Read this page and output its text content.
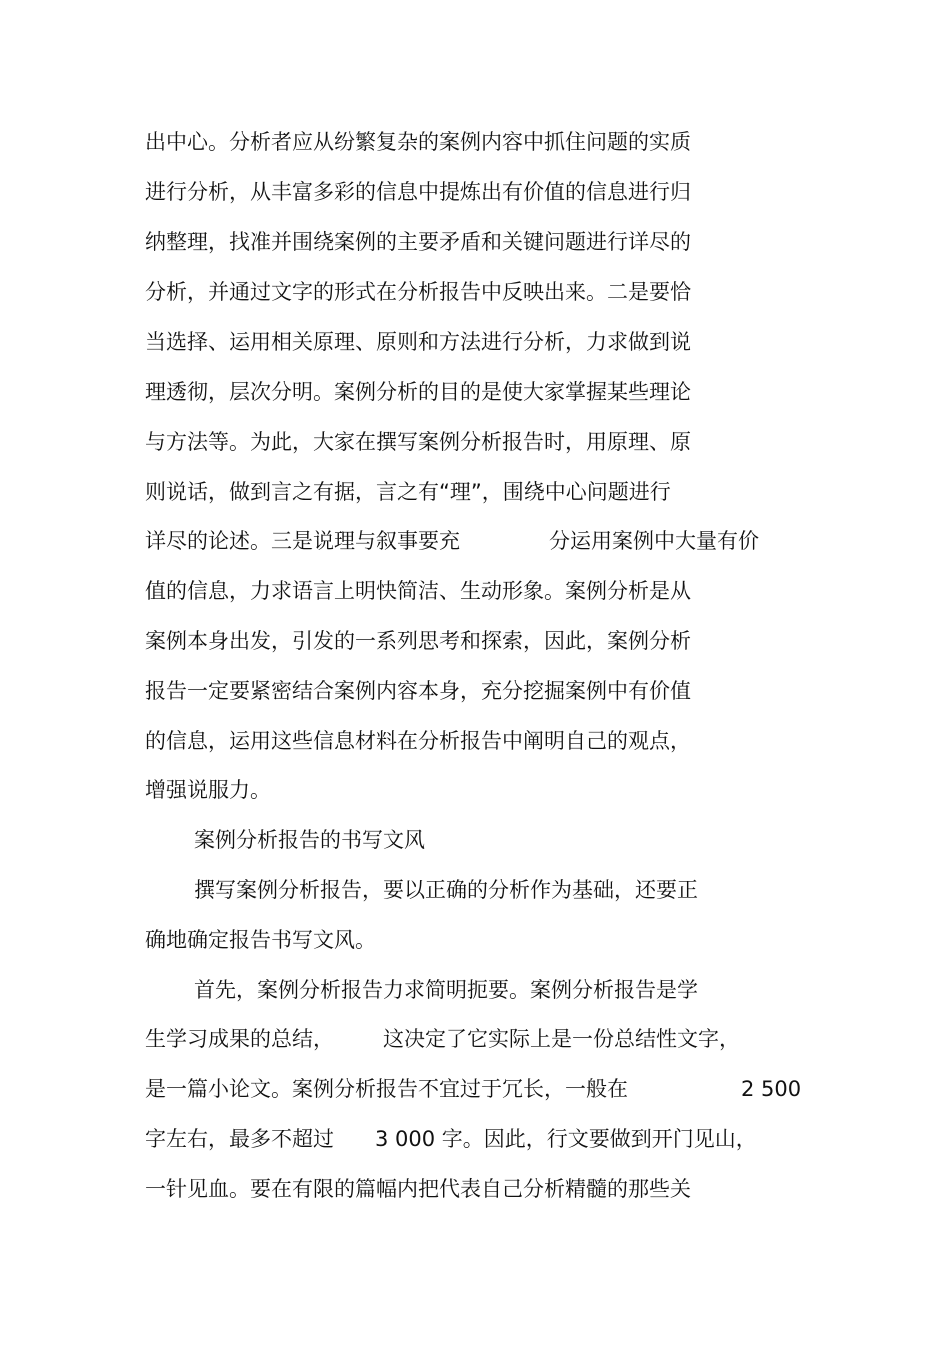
出中心。分析者应从纷繁复杂的案例内容中抓住问题的实质
进行分析，从丰富多彩的信息中提炼出有价值的信息进行归
纳整理，找准并围绕案例的主要矛盾和关键问题进行详尽的
分析，并通过文字的形式在分析报告中反映出来。二是要恰
当选择、运用相关原理、原则和方法进行分析，力求做到说
理透彻，层次分明。案例分析的目的是使大家掌握某些理论
与方法等。为此，大家在撰写案例分析报告时，用原理、原
则说话，做到言之有据，言之有“理”，围绕中心问题进行
详尽的论述。三是说理与叙事要充	分运用案例中大量有价
值的信息，力求语言上明快简洁、生动形象。案例分析是从
案例本身出发，引发的一系列思考和探索，因此，案例分析
报告一定要紧密结合案例内容本身，充分挖掘案例中有价值
的信息，运用这些信息材料在分析报告中阐明自己的观点，
增强说服力。
案例分析报告的书写文风
撰写案例分析报告，要以正确的分析作为基础，还要正
确地确定报告书写文风。
首先，案例分析报告力求简明扼要。案例分析报告是学
生学习成果的总结， 这决定了它实际上是一份总结性文字，
是一篇小论文。案例分析报告不宜过于冗长，一般在	2 500
字左右，最多不超过 3 000 字。因此，行文要做到开门见山，
一针见血。要在有限的篇幅内把代表自己分析精髓的那些关
